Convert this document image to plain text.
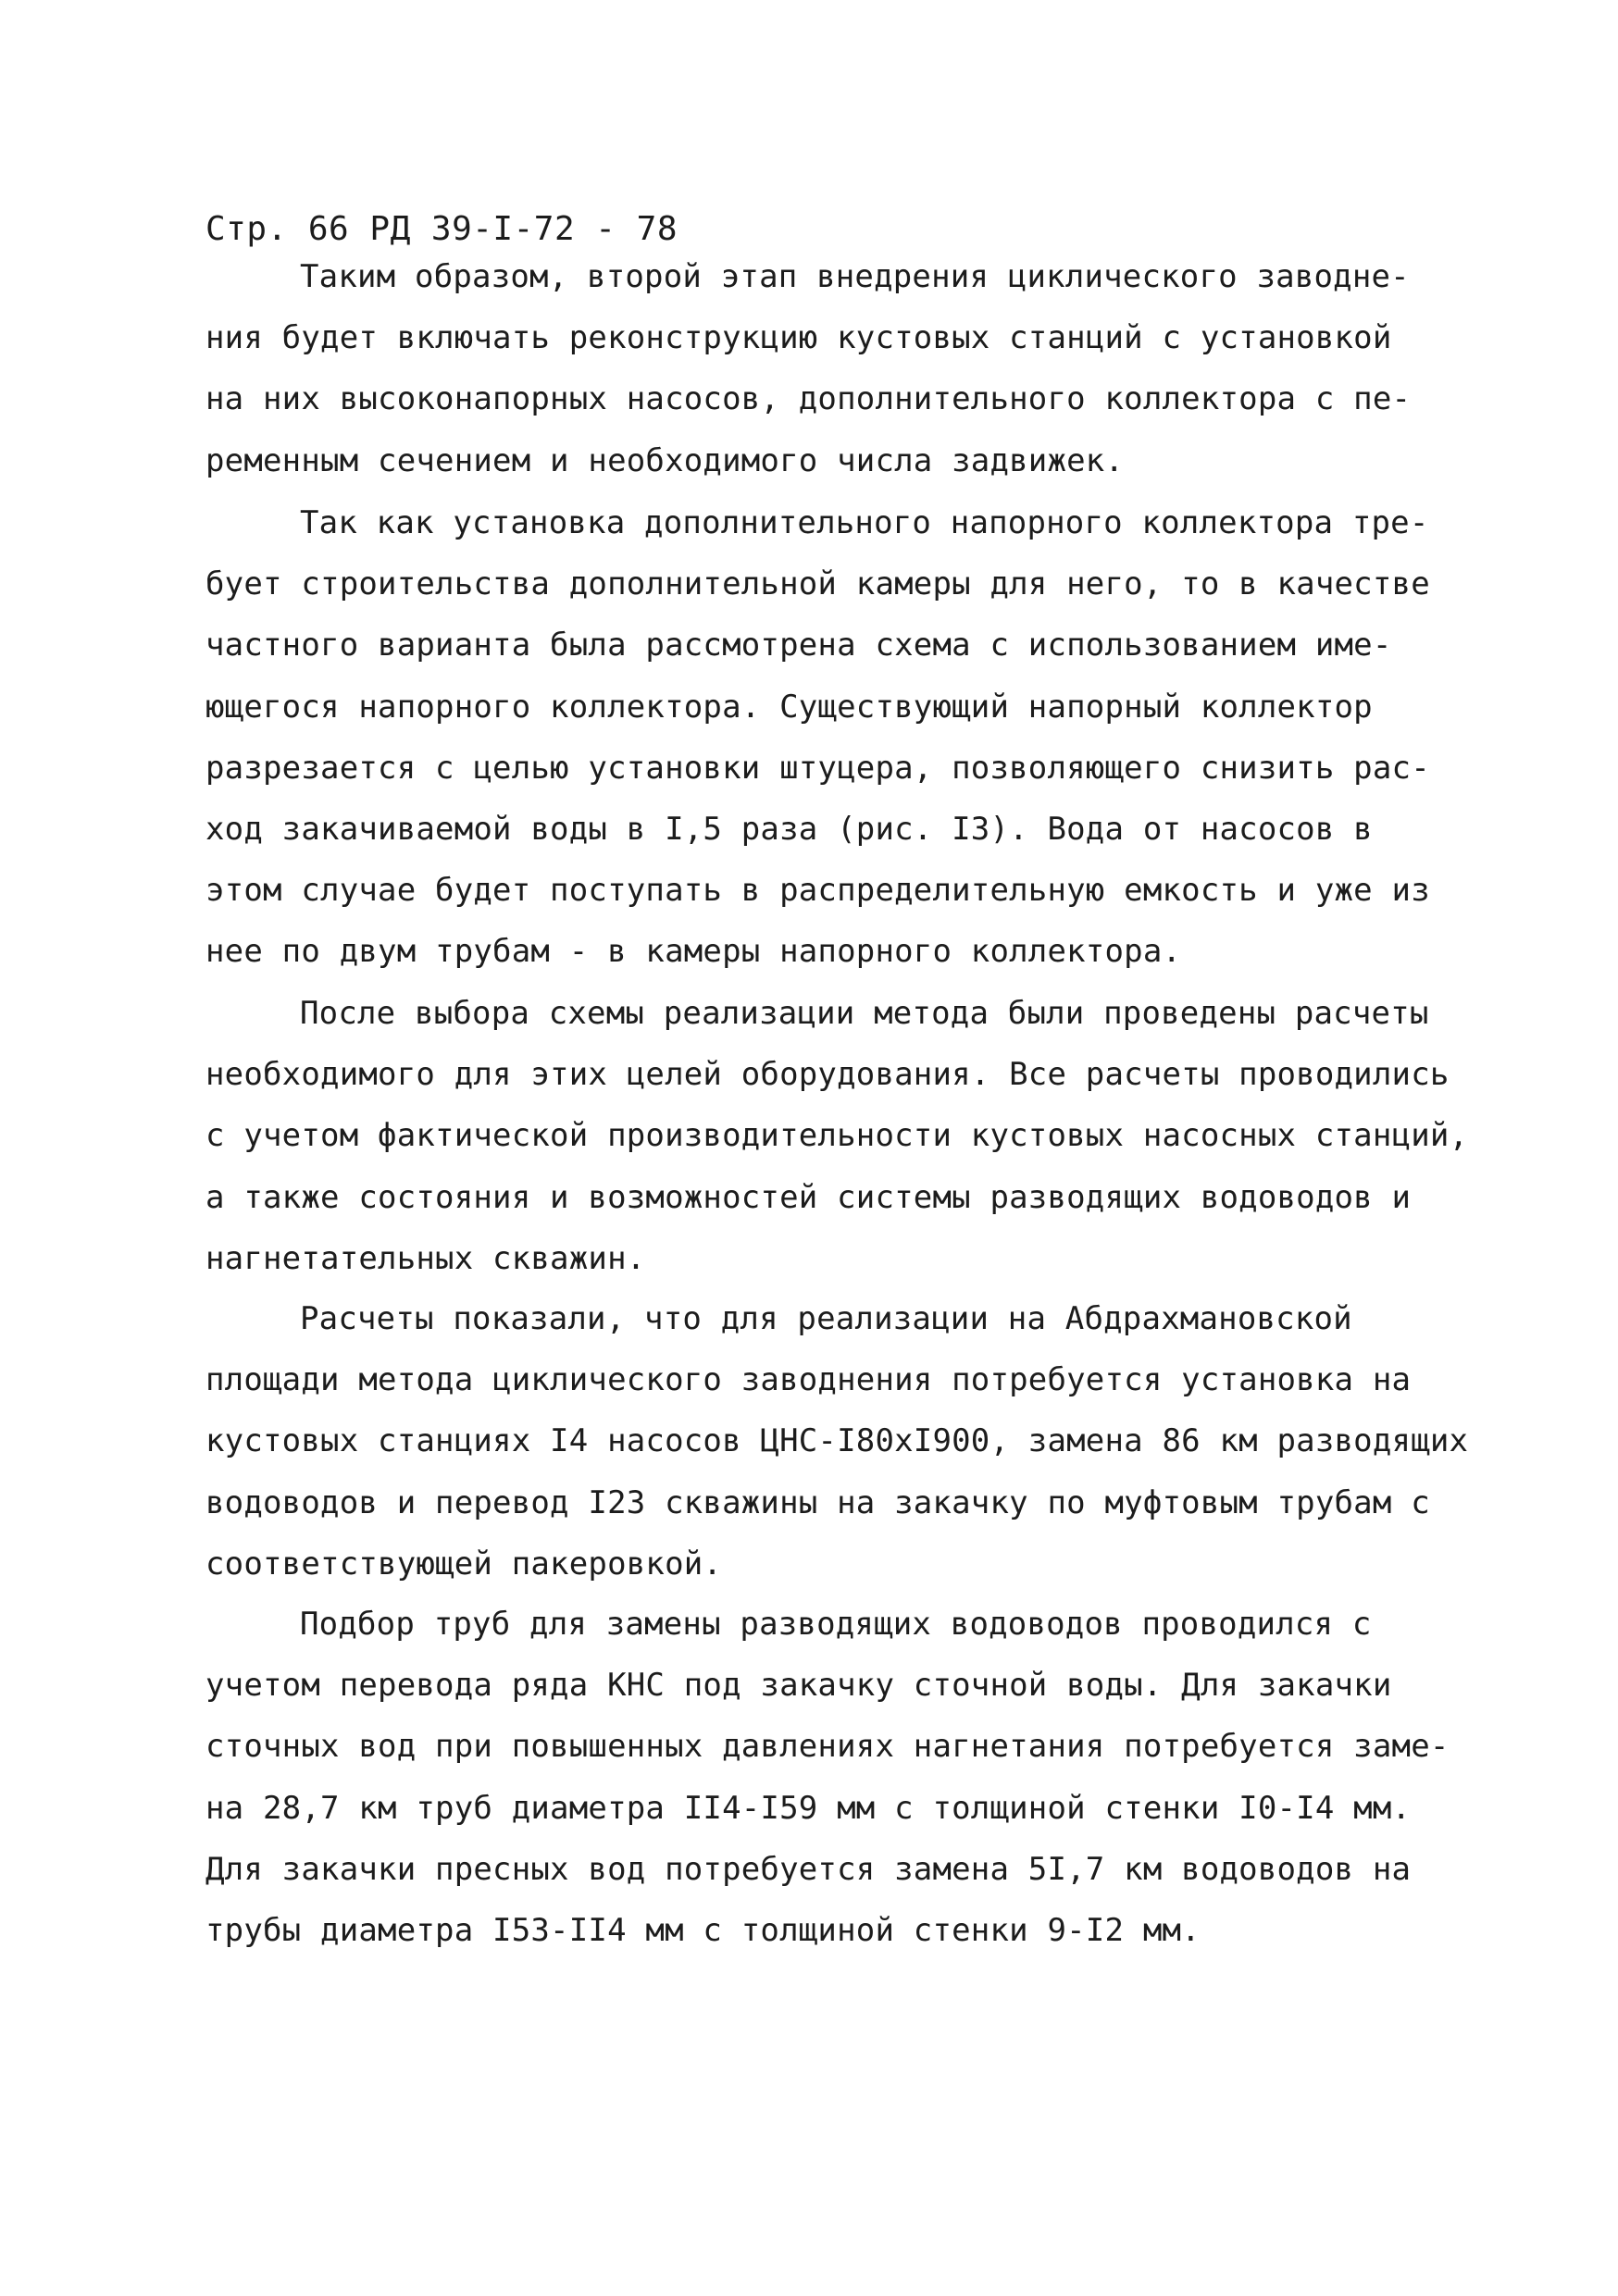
Стр. 66 РД 39-I-72 - 78
Таким образом, второй этап внедрения циклического заводне-
ния будет включать реконструкцию кустовых станций с установкой
на них высоконапорных насосов, дополнительного коллектора с пе-
ременным сечением и необходимого числа задвижек.
Так как установка дополнительного напорного коллектора тре-
бует строительства дополнительной камеры для него, то в качестве
частного варианта была рассмотрена схема с использованием име-
ющегося напорного коллектора. Существующий напорный коллектор
разрезается с целью установки штуцера, позволяющего снизить рас-
ход закачиваемой воды в I,5 раза (рис. I3). Вода от насосов в
этом случае будет поступать в распределительную емкость и уже из
нее по двум трубам - в камеры напорного коллектора.
После выбора схемы реализации метода были проведены расчеты
необходимого для этих целей оборудования. Все расчеты проводились
с учетом фактической производительности кустовых насосных станций,
а также состояния и возможностей системы разводящих водоводов и
нагнетательных скважин.
Расчеты показали, что для реализации на Абдрахмановской
площади метода циклического заводнения потребуется установка на
кустовых станциях I4 насосов ЦНС-I80xI900, замена 86 км разводящих
водоводов и перевод I23 скважины на закачку по муфтовым трубам с
соответствующей пакеровкой.
Подбор труб для замены разводящих водоводов проводился с
учетом перевода ряда КНС под закачку сточной воды. Для закачки
сточных вод при повышенных давлениях нагнетания потребуется заме-
на 28,7 км труб диаметра II4-I59 мм с толщиной стенки I0-I4 мм.
Для закачки пресных вод потребуется замена 5I,7 км водоводов на
трубы диаметра I53-II4 мм с толщиной стенки 9-I2 мм.
